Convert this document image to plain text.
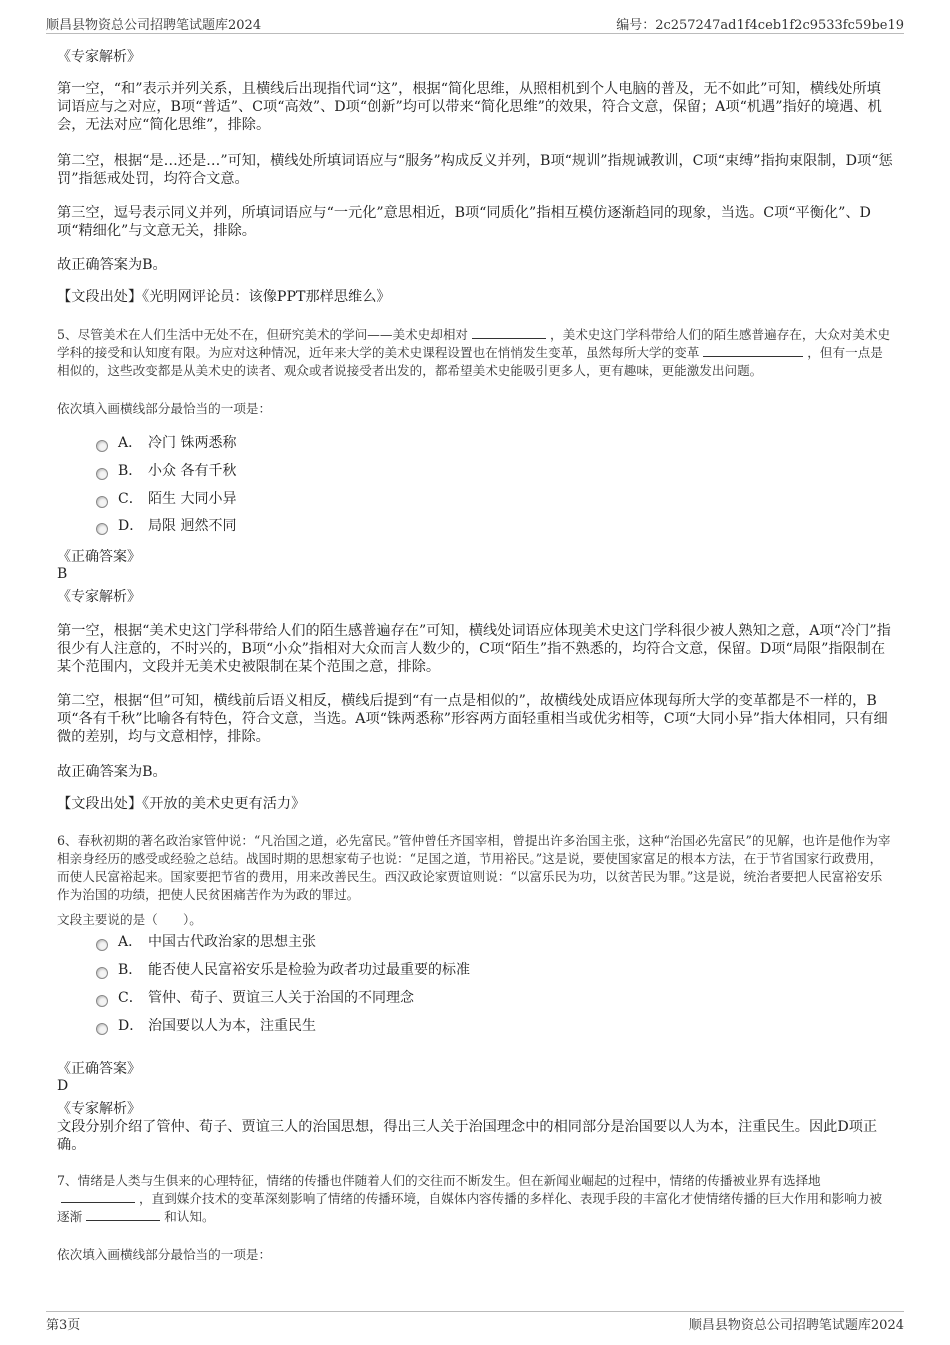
顺昌县物资总公司招聘笔试题库2024	编号：2c257247ad1f4ceb1f2c9533fc59be19
《专家解析》
第一空，“和”表示并列关系，且横线后出现指代词“这”，根据“简化思维，从照相机到个人电脑的普及，无不如此”可知，横线处所填词语应与之对应，B项“普适”、C项“高效”、D项“创新”均可以带来“简化思维”的效果，符合文意，保留；A项“机遇”指好的境遇、机会，无法对应“简化思维”，排除。
第二空，根据“是…还是…”可知，横线处所填词语应与“服务”构成反义并列，B项“规训”指规诫教训，C项“束缚”指拘束限制，D项“惩罚”指惩戒处罚，均符合文意。
第三空，逗号表示同义并列，所填词语应与“一元化”意思相近，B项“同质化”指相互模仿逐渐趋同的现象，当选。C项“平衡化”、D项“精细化”与文意无关，排除。
故正确答案为B。
【文段出处】《光明网评论员：该像PPT那样思维么》
5、尽管美术在人们生活中无处不在，但研究美术的学问——美术史却相对	，美术史这门学科带给人们的陌生感普遍存在，大众对美术史学科的接受和认知度有限。为应对这种情况，近年来大学的美术史课程设置也在悄悄发生变革，虽然每所大学的变革	，但有一点是相似的，这些改变都是从美术史的读者、观众或者说接受者出发的，都希望美术史能吸引更多人，更有趣味，更能激发出问题。
依次填入画横线部分最恰当的一项是：
A． 冷门 铢两悉称
B． 小众 各有千秋
C． 陌生 大同小异
D． 局限 迥然不同
《正确答案》
B
《专家解析》
第一空，根据“美术史这门学科带给人们的陌生感普遍存在”可知，横线处词语应体现美术史这门学科很少被人熟知之意，A项“冷门”指很少有人注意的，不时兴的，B项“小众”指相对大众而言人数少的，C项“陌生”指不熟悉的，均符合文意，保留。D项“局限”指限制在某个范围内，文段并无美术史被限制在某个范围之意，排除。
第二空，根据“但”可知，横线前后语义相反，横线后提到“有一点是相似的”，故横线处成语应体现每所大学的变革都是不一样的，B项“各有千秋”比喻各有特色，符合文意，当选。A项“铢两悉称”形容两方面轻重相当或优劣相等，C项“大同小异”指大体相同，只有细微的差别，均与文意相悖，排除。
故正确答案为B。
【文段出处】《开放的美术史更有活力》
6、春秋初期的著名政治家管仲说：“凡治国之道，必先富民。”管仲曾任齐国宰相，曾提出许多治国主张，这种“治国必先富民”的见解，也许是他作为宰相亲身经历的感受或经验之总结。战国时期的思想家荀子也说：“足国之道，节用裕民。”这是说，要使国家富足的根本方法，在于节省国家行政费用，而使人民富裕起来。国家要把节省的费用，用来改善民生。西汉政论家贾谊则说：“以富乐民为功，以贫苦民为罪。”这是说，统治者要把人民富裕安乐作为治国的功绩，把使人民贫困痛苦作为为政的罪过。
文段主要说的是（　　）。
A． 中国古代政治家的思想主张
B． 能否使人民富裕安乐是检验为政者功过最重要的标准
C． 管仲、荀子、贾谊三人关于治国的不同理念
D． 治国要以人为本，注重民生
《正确答案》
D
《专家解析》
文段分别介绍了管仲、荀子、贾谊三人的治国思想，得出三人关于治国理念中的相同部分是治国要以人为本，注重民生。因此D项正确。
7、情绪是人类与生俱来的心理特征，情绪的传播也伴随着人们的交往而不断发生。但在新闻业崛起的过程中，情绪的传播被业界有选择地，直到媒介技术的变革深刻影响了情绪的传播环境，自媒体内容传播的多样化、表现手段的丰富化才使情绪传播的巨大作用和影响力被逐渐	和认知。
依次填入画横线部分最恰当的一项是：
第3页	顺昌县物资总公司招聘笔试题库2024
